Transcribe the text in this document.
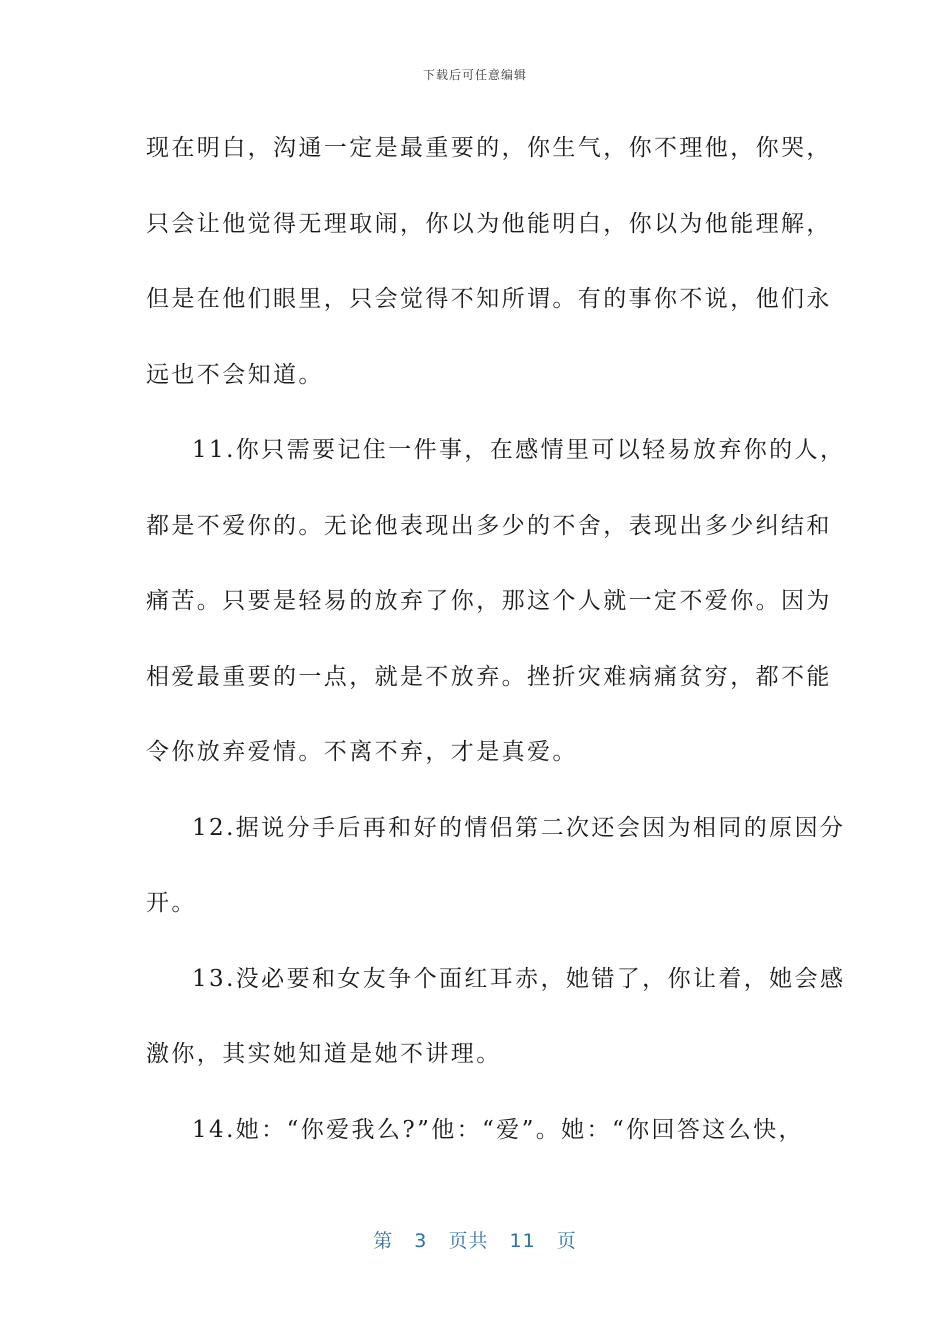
下载后可任意编辑
现在明白，沟通一定是最重要的，你生气，你不理他，你哭，
只会让他觉得无理取闹，你以为他能明白，你以为他能理解，
但是在他们眼里，只会觉得不知所谓。有的事你不说，他们永
远也不会知道。
11.你只需要记住一件事，在感情里可以轻易放弃你的人，
都是不爱你的。无论他表现出多少的不舍，表现出多少纠结和
痛苦。只要是轻易的放弃了你，那这个人就一定不爱你。因为
相爱最重要的一点，就是不放弃。挫折灾难病痛贫穷，都不能
令你放弃爱情。不离不弃，才是真爱。
12.据说分手后再和好的情侣第二次还会因为相同的原因分
开。
13.没必要和女友争个面红耳赤，她错了，你让着，她会感
激你，其实她知道是她不讲理。
14.她：“你爱我么?”他：“爱”。她：“你回答这么快，
第 3 页共 11 页
